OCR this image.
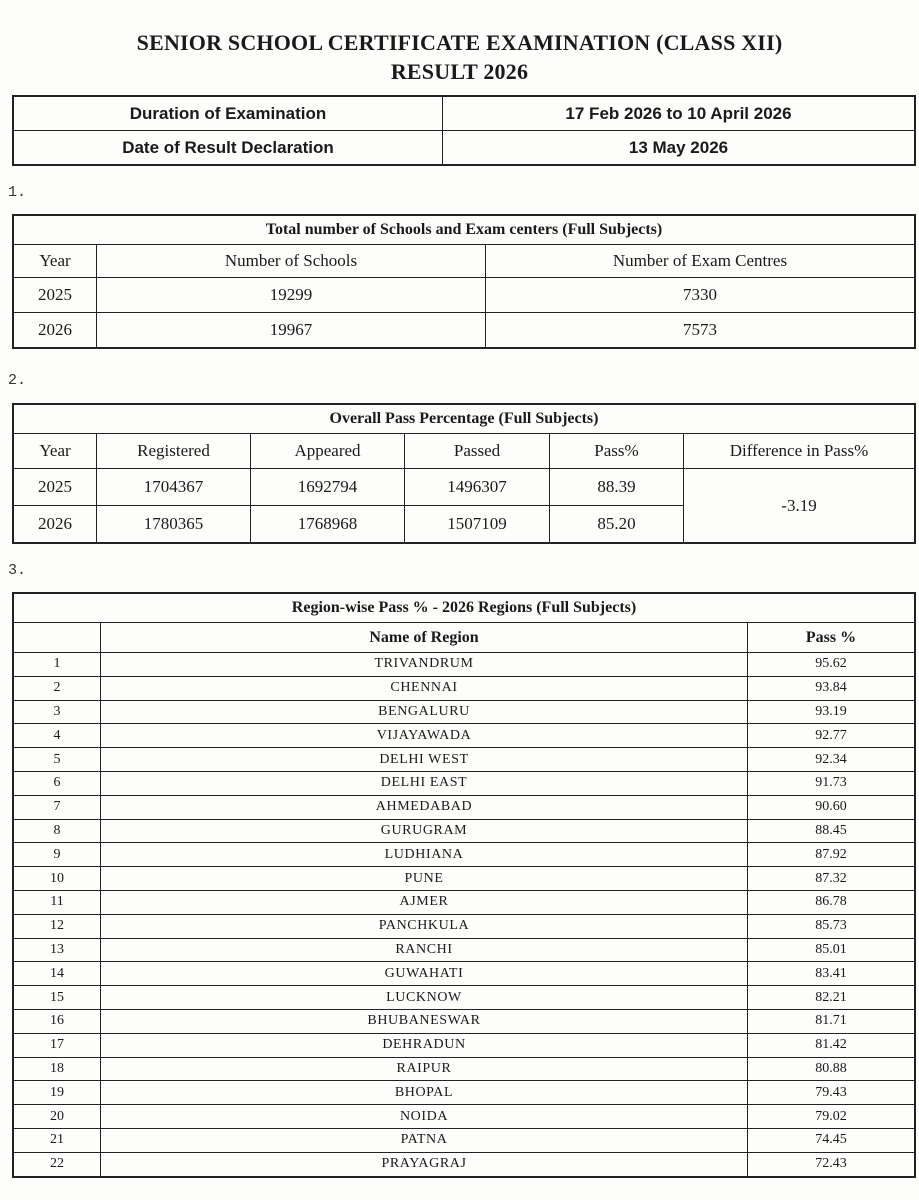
SENIOR SCHOOL CERTIFICATE EXAMINATION (CLASS XII)
RESULT 2026
Duration of Examination	17 Feb 2026 to 10 April 2026
Date of Result Declaration	13 May 2026
1.
Total number of Schools and Exam centers (Full Subjects)		
Year	Number of Schools	Number of Exam Centres
2025	19299	7330
2026	19967	7573
2.
Overall Pass Percentage (Full Subjects)					
Year	Registered	Appeared	Passed	Pass%	Difference in Pass%
2025	1704367	1692794	1496307	88.39	-3.19
2026	1780365	1768968	1507109	85.20	
3.
Region-wise Pass % - 2026 Regions (Full Subjects)		
	Name of Region	Pass %
1	TRIVANDRUM	95.62
2	CHENNAI	93.84
3	BENGALURU	93.19
4	VIJAYAWADA	92.77
5	DELHI WEST	92.34
6	DELHI EAST	91.73
7	AHMEDABAD	90.60
8	GURUGRAM	88.45
9	LUDHIANA	87.92
10	PUNE	87.32
11	AJMER	86.78
12	PANCHKULA	85.73
13	RANCHI	85.01
14	GUWAHATI	83.41
15	LUCKNOW	82.21
16	BHUBANESWAR	81.71
17	DEHRADUN	81.42
18	RAIPUR	80.88
19	BHOPAL	79.43
20	NOIDA	79.02
21	PATNA	74.45
22	PRAYAGRAJ	72.43
